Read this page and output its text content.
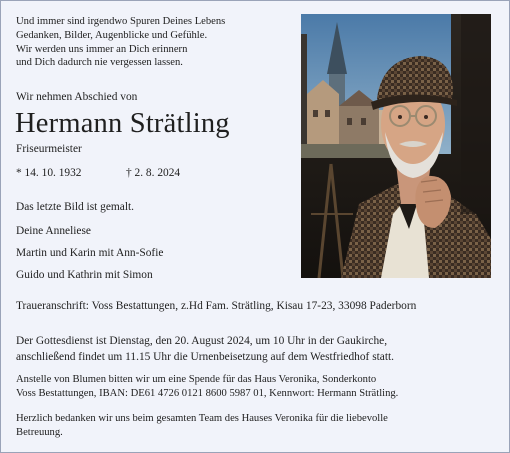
Und immer sind irgendwo Spuren Deines Lebens
Gedanken, Bilder, Augenblicke und Gefühle.
Wir werden uns immer an Dich erinnern
und Dich dadurch nie vergessen lassen.
Wir nehmen Abschied von
Hermann Strätling
Friseurmeister
* 14. 10. 1932	† 2. 8. 2024
Das letzte Bild ist gemalt.
Deine Anneliese
Martin und Karin mit Ann-Sofie
Guido und Kathrin mit Simon
Traueranschrift: Voss Bestattungen, z.Hd Fam. Strätling, Kisau 17-23, 33098 Paderborn
Der Gottesdienst ist Dienstag, den 20. August 2024, um 10 Uhr in der Gaukirche,
anschließend findet um 11.15 Uhr die Urnenbeisetzung auf dem Westfriedhof statt.
Anstelle von Blumen bitten wir um eine Spende für das Haus Veronika, Sonderkonto
Voss Bestattungen, IBAN: DE61 4726 0121 8600 5987 01, Kennwort: Hermann Strätling.
Herzlich bedanken wir uns beim gesamten Team des Hauses Veronika für die liebevolle
Betreuung.
